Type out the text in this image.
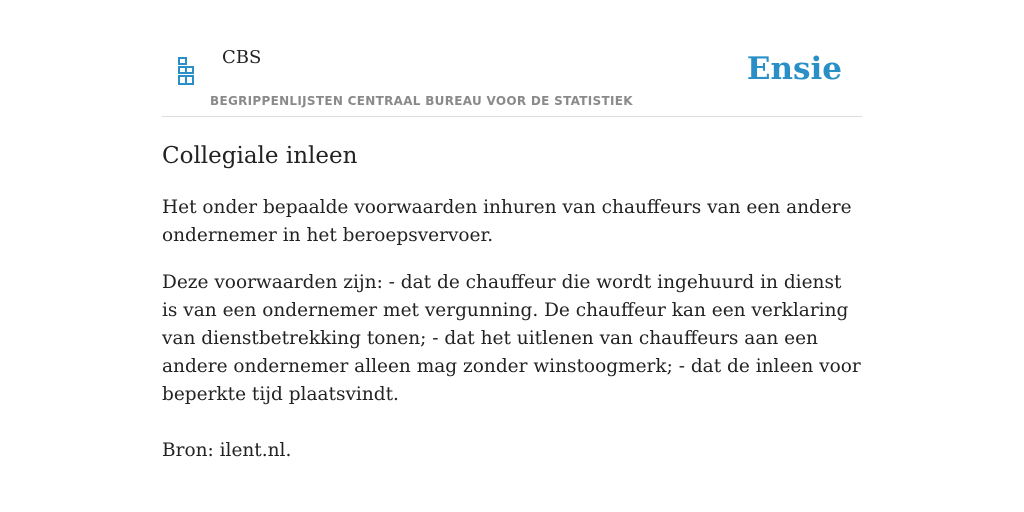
CBS
BEGRIPPENLIJSTEN CENTRAAL BUREAU VOOR DE STATISTIEK
Ensie
Collegiale inleen

Het onder bepaalde voorwaarden inhuren van chauffeurs van een andere ondernemer in het beroepsvervoer.

Deze voorwaarden zijn: - dat de chauffeur die wordt ingehuurd in dienst is van een ondernemer met vergunning. De chauffeur kan een verklaring van dienstbetrekking tonen; - dat het uitlenen van chauffeurs aan een andere ondernemer alleen mag zonder winstoogmerk; - dat de inleen voor beperkte tijd plaatsvindt.

Bron: ilent.nl.
